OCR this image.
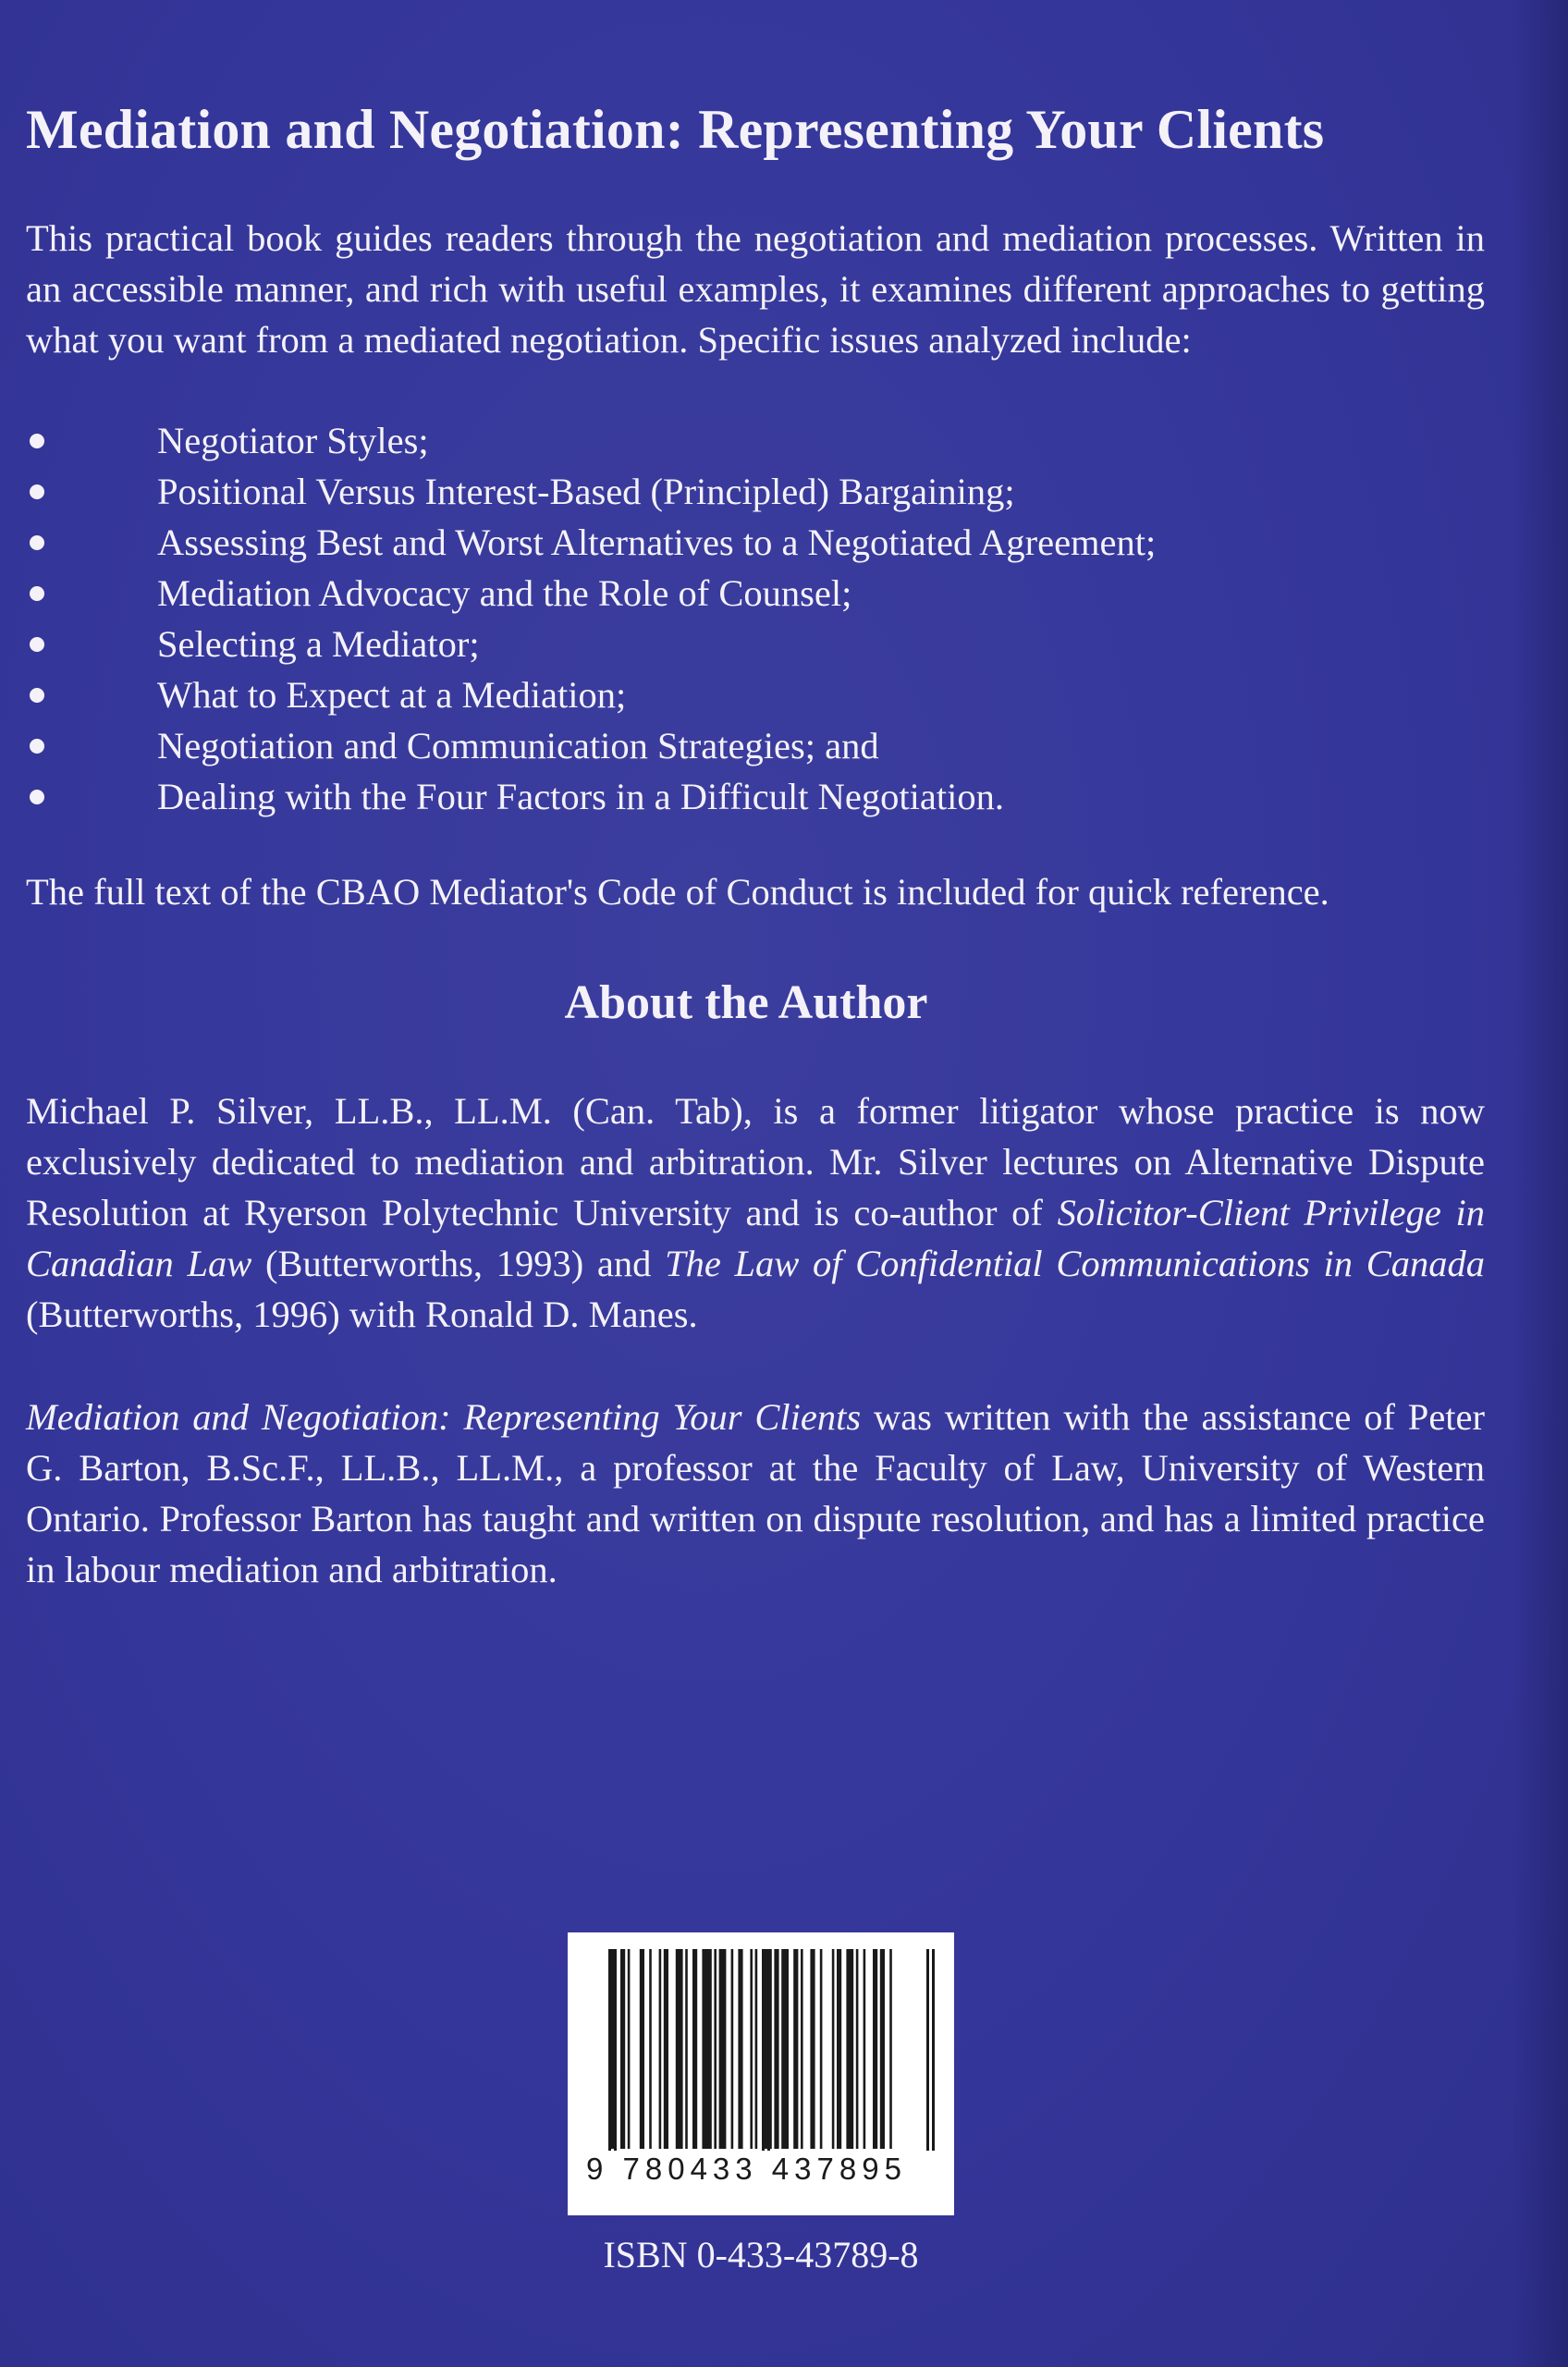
Mediation and Negotiation: Representing Your Clients

This practical book guides readers through the negotiation and mediation processes. Written in an accessible manner, and rich with useful examples, it examines different approaches to getting what you want from a mediated negotiation. Specific issues analyzed include:

Negotiator Styles;
Positional Versus Interest-Based (Principled) Bargaining;
Assessing Best and Worst Alternatives to a Negotiated Agreement;
Mediation Advocacy and the Role of Counsel;
Selecting a Mediator;
What to Expect at a Mediation;
Negotiation and Communication Strategies; and
Dealing with the Four Factors in a Difficult Negotiation.

The full text of the CBAO Mediator's Code of Conduct is included for quick reference.

About the Author

Michael P. Silver, LL.B., LL.M. (Can. Tab), is a former litigator whose practice is now exclusively dedicated to mediation and arbitration. Mr. Silver lectures on Alternative Dispute Resolution at Ryerson Polytechnic University and is co-author of Solicitor-Client Privilege in Canadian Law (Butterworths, 1993) and The Law of Confidential Communications in Canada (Butterworths, 1996) with Ronald D. Manes.

Mediation and Negotiation: Representing Your Clients was written with the assistance of Peter G. Barton, B.Sc.F., LL.B., LL.M., a professor at the Faculty of Law, University of Western Ontario. Professor Barton has taught and written on dispute resolution, and has a limited practice in labour mediation and arbitration.

9 780433 437895
ISBN 0-433-43789-8
